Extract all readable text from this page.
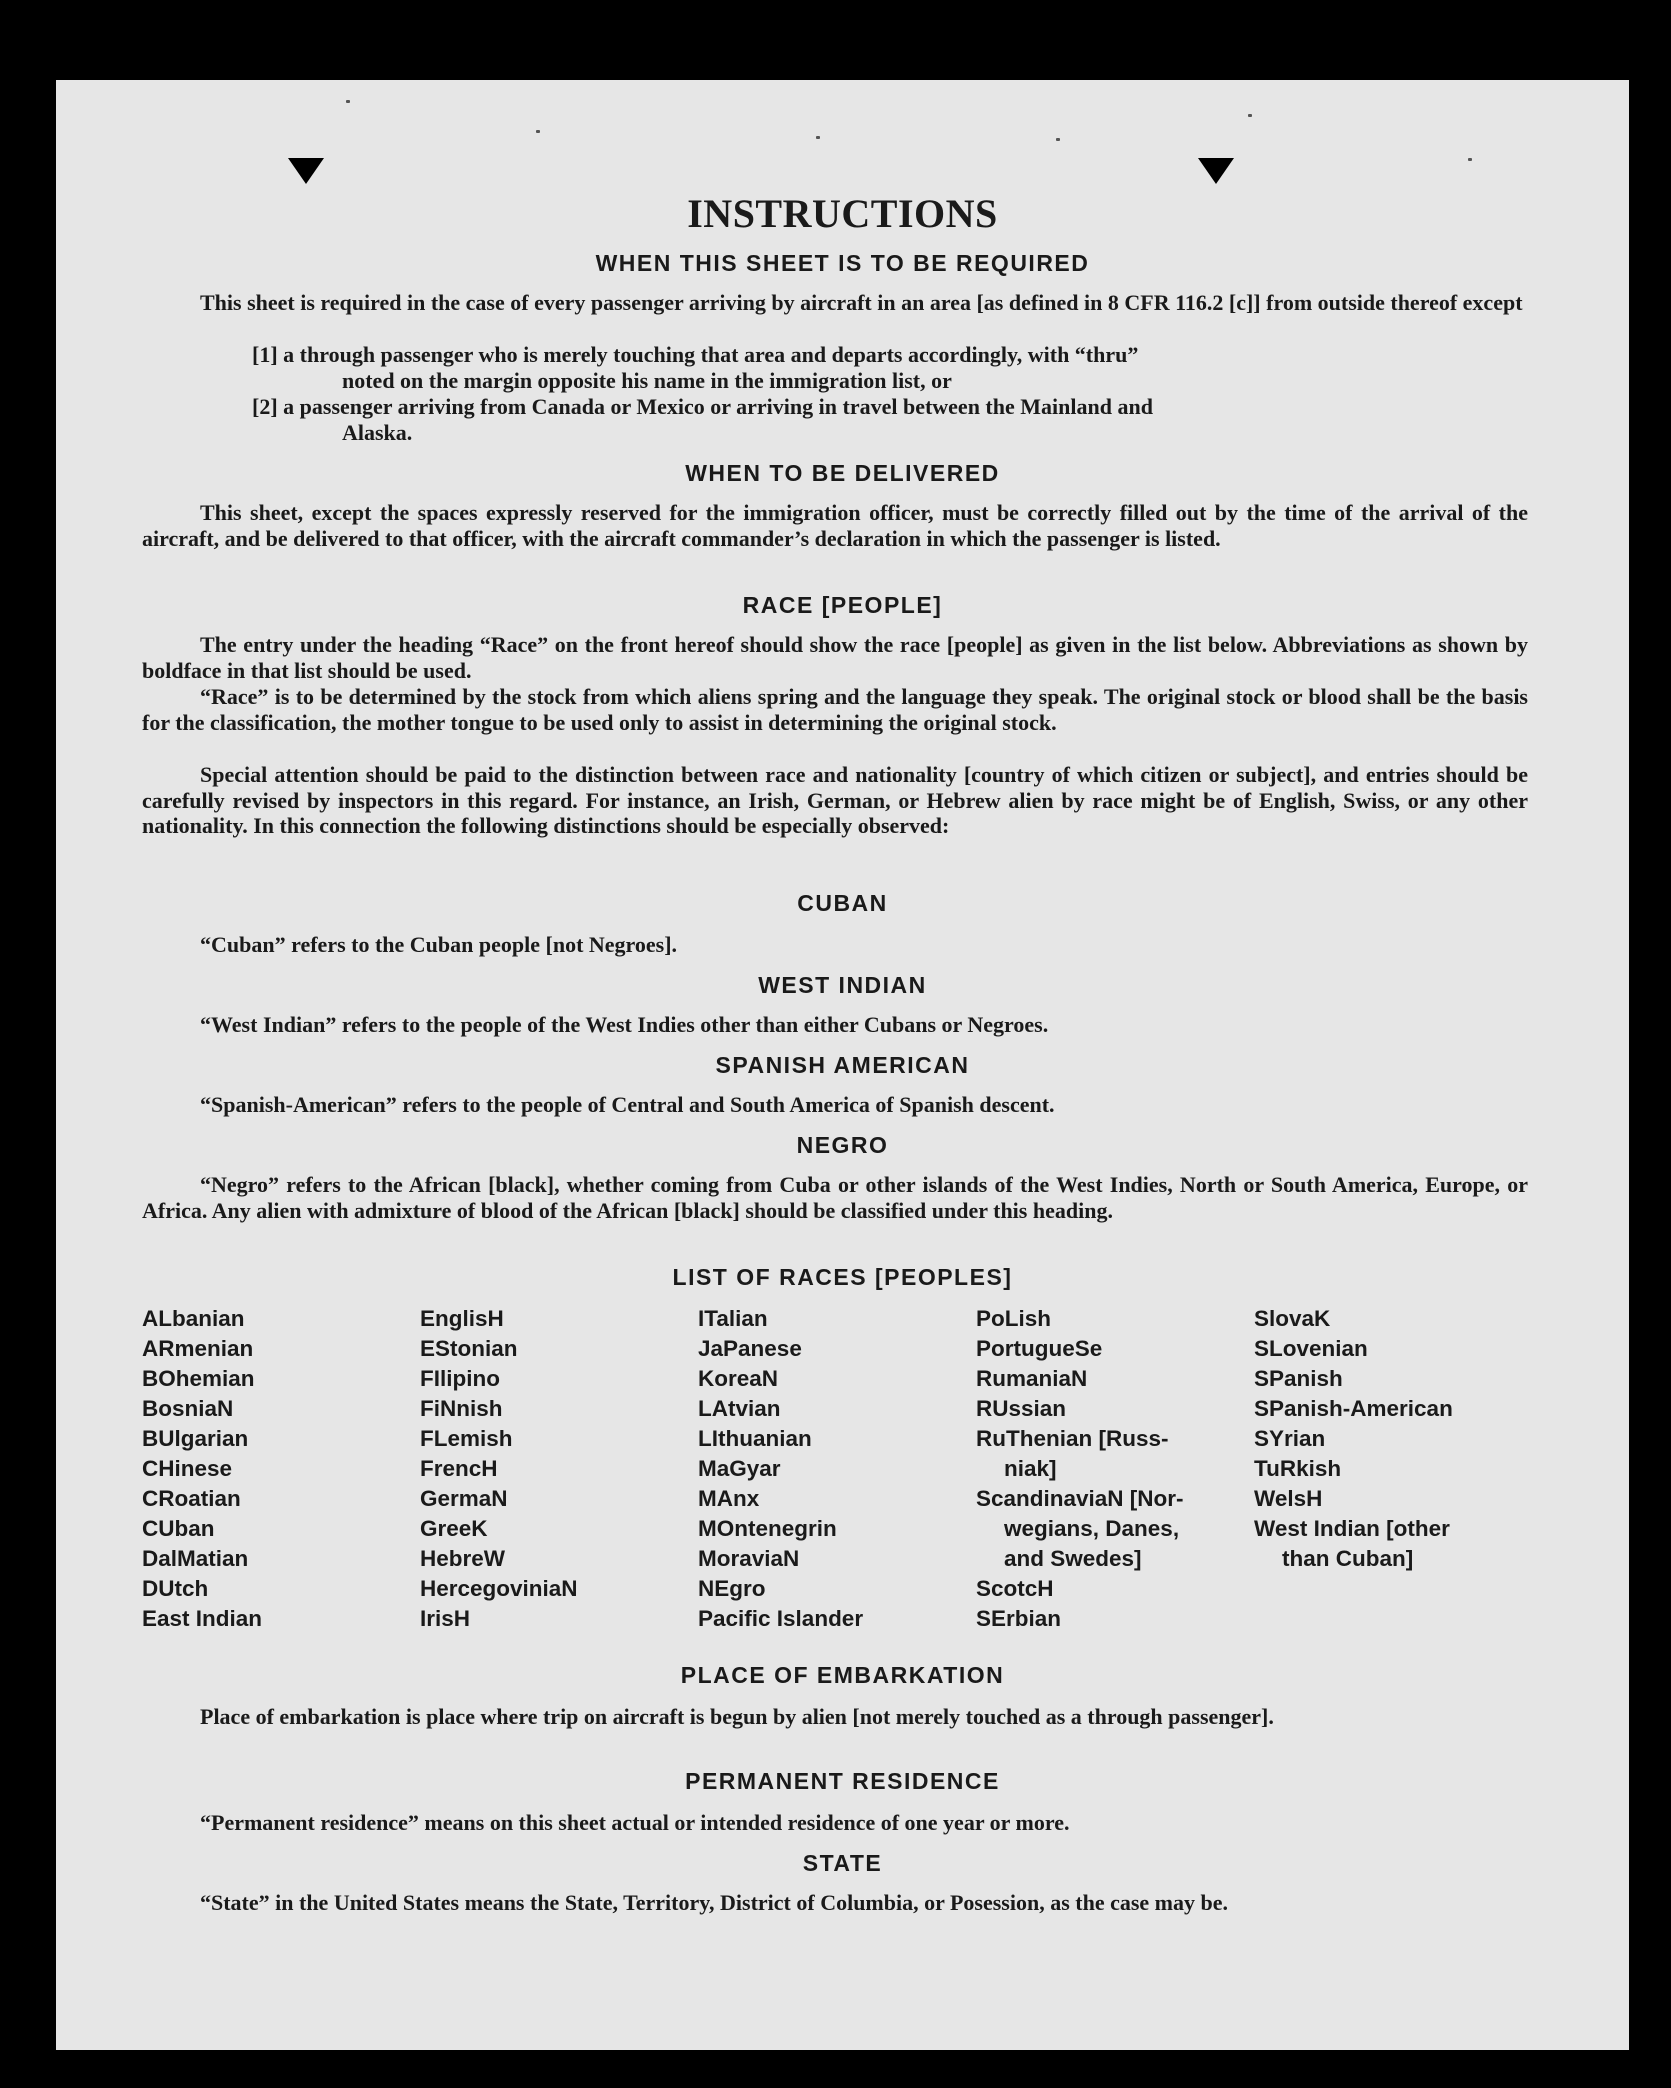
INSTRUCTIONS
WHEN THIS SHEET IS TO BE REQUIRED
This sheet is required in the case of every passenger arriving by aircraft in an area [as defined in 8 CFR 116.2 [c]] from outside thereof except
[1] a through passenger who is merely touching that area and departs accordingly, with “thru”
noted on the margin opposite his name in the immigration list, or
[2] a passenger arriving from Canada or Mexico or arriving in travel between the Mainland and
Alaska.
WHEN TO BE DELIVERED
This sheet, except the spaces expressly reserved for the immigration officer, must be correctly filled out by the time of the arrival of the aircraft, and be delivered to that officer, with the aircraft commander’s declaration in which the passenger is listed.
RACE [PEOPLE]
The entry under the heading “Race” on the front hereof should show the race [people] as given in the list below. Abbreviations as shown by boldface in that list should be used.
“Race” is to be determined by the stock from which aliens spring and the language they speak. The original stock or blood shall be the basis for the classification, the mother tongue to be used only to assist in determining the original stock.
Special attention should be paid to the distinction between race and nationality [country of which citizen or subject], and entries should be carefully revised by inspectors in this regard. For instance, an Irish, German, or Hebrew alien by race might be of English, Swiss, or any other nationality. In this connection the following distinctions should be especially observed:
CUBAN
“Cuban” refers to the Cuban people [not Negroes].
WEST INDIAN
“West Indian” refers to the people of the West Indies other than either Cubans or Negroes.
SPANISH AMERICAN
“Spanish-American” refers to the people of Central and South America of Spanish descent.
NEGRO
“Negro” refers to the African [black], whether coming from Cuba or other islands of the West Indies, North or South America, Europe, or Africa. Any alien with admixture of blood of the African [black] should be classified under this heading.
LIST OF RACES [PEOPLES]
ALbanian
ARmenian
BOhemian
BosniaN
BUlgarian
CHinese
CRoatian
CUban
DalMatian
DUtch
East Indian
EnglisH
EStonian
FIlipino
FiNnish
FLemish
FrencH
GermaN
GreeK
HebreW
HercegoviniaN
IrisH
ITalian
JaPanese
KoreaN
LAtvian
LIthuanian
MaGyar
MAnx
MOntenegrin
MoraviaN
NEgro
Pacific Islander
PoLish
PortugueSe
RumaniaN
RUssian
RuThenian [Russ-
niak]
ScandinaviaN [Nor-
wegians, Danes,
and Swedes]
ScotcH
SErbian
SlovaK
SLovenian
SPanish
SPanish-American
SYrian
TuRkish
WelsH
West Indian [other
than Cuban]
PLACE OF EMBARKATION
Place of embarkation is place where trip on aircraft is begun by alien [not merely touched as a through passenger].
PERMANENT RESIDENCE
“Permanent residence” means on this sheet actual or intended residence of one year or more.
STATE
“State” in the United States means the State, Territory, District of Columbia, or Posession, as the case may be.
